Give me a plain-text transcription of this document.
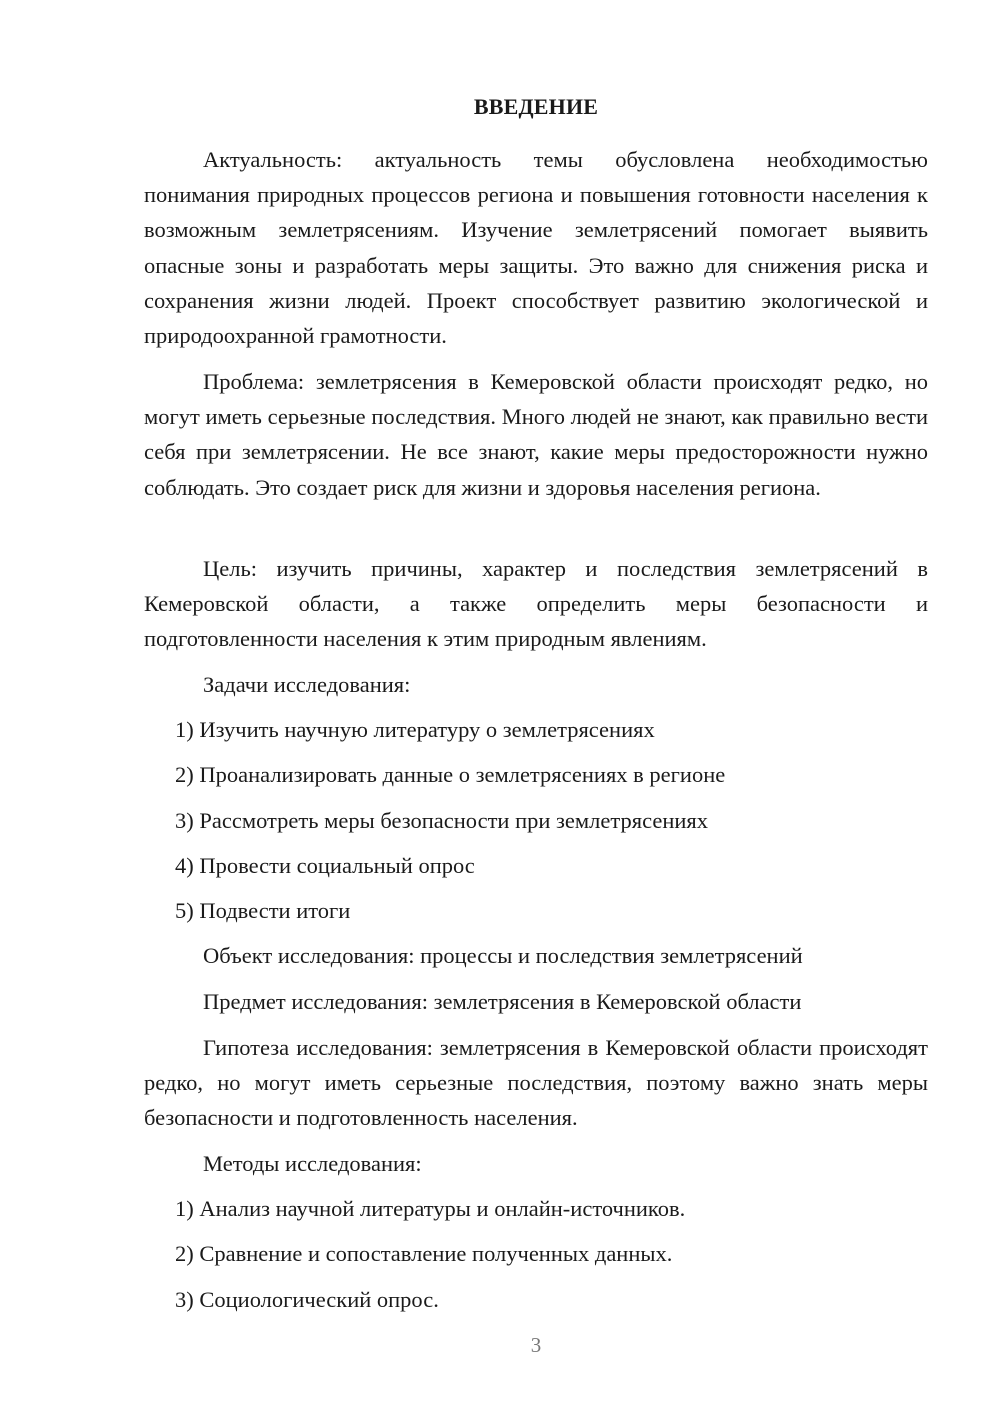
ВВЕДЕНИЕ

Актуальность: актуальность темы обусловлена необходимостью понимания природных процессов региона и повышения готовности населения к возможным землетрясениям. Изучение землетрясений помогает выявить опасные зоны и разработать меры защиты. Это важно для снижения риска и сохранения жизни людей. Проект способствует развитию экологической и природоохранной грамотности.

Проблема: землетрясения в Кемеровской области происходят редко, но могут иметь серьезные последствия. Много людей не знают, как правильно вести себя при землетрясении. Не все знают, какие меры предосторожности нужно соблюдать. Это создает риск для жизни и здоровья населения региона.

Цель: изучить причины, характер и последствия землетрясений в Кемеровской области, а также определить меры безопасности и подготовленности населения к этим природным явлениям.

Задачи исследования:

1) Изучить научную литературу о землетрясениях

2) Проанализировать данные о землетрясениях в регионе

3) Рассмотреть меры безопасности при землетрясениях

4) Провести социальный опрос

5) Подвести итоги

Объект исследования: процессы и последствия землетрясений

Предмет исследования: землетрясения в Кемеровской области

Гипотеза исследования: землетрясения в Кемеровской области происходят редко, но могут иметь серьезные последствия, поэтому важно знать меры безопасности и подготовленность населения.

Методы исследования:

1) Анализ научной литературы и онлайн-источников.

2) Сравнение и сопоставление полученных данных.

3) Социологический опрос.

3
